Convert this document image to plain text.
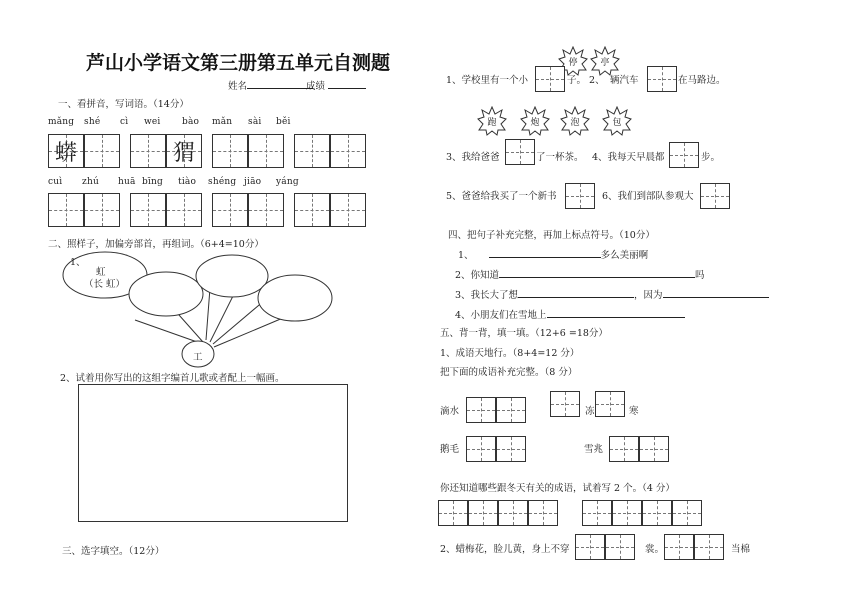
芦山小学语文第三册第五单元自测题
姓名	成绩
一、看拼音，写词语。（14分）
mǎng shé cì wei bào mǎn sài běi
蟒	猬
cuì zhú huā bīng tiào shéng jiāo yáng
二、照样子，加偏旁部首，再组词。（6+4=10分）
1、
虹
（长 虹）
工
2、试着用你写出的这组字编首儿歌或者配上一幅画。
三、选字填空。（12分）
停	亭
1、学校里有一个小	子。 2、 辆汽车	在马路边。
跑	炮	泡	包
3、我给爸爸	了一杯茶。 4、我每天早晨都	步。
5、爸爸给我买了一个新书	6、我们到部队参观大
四、把句子补充完整，再加上标点符号。（10分）
1、	多么美丽啊
2、你知道	吗
3、我长大了想	，因为
4、小朋友们在雪地上
五、背一背，填一填。（12+6 =18分）
1、成语天地行。（8+4=12 分）
把下面的成语补充完整。（8 分）
滴水	冻	寒
鹅毛	雪兆
你还知道哪些跟冬天有关的成语，试着写 2 个。（4 分）
2、蜡梅花，脸儿黄，身上不穿	裳。	当棉
